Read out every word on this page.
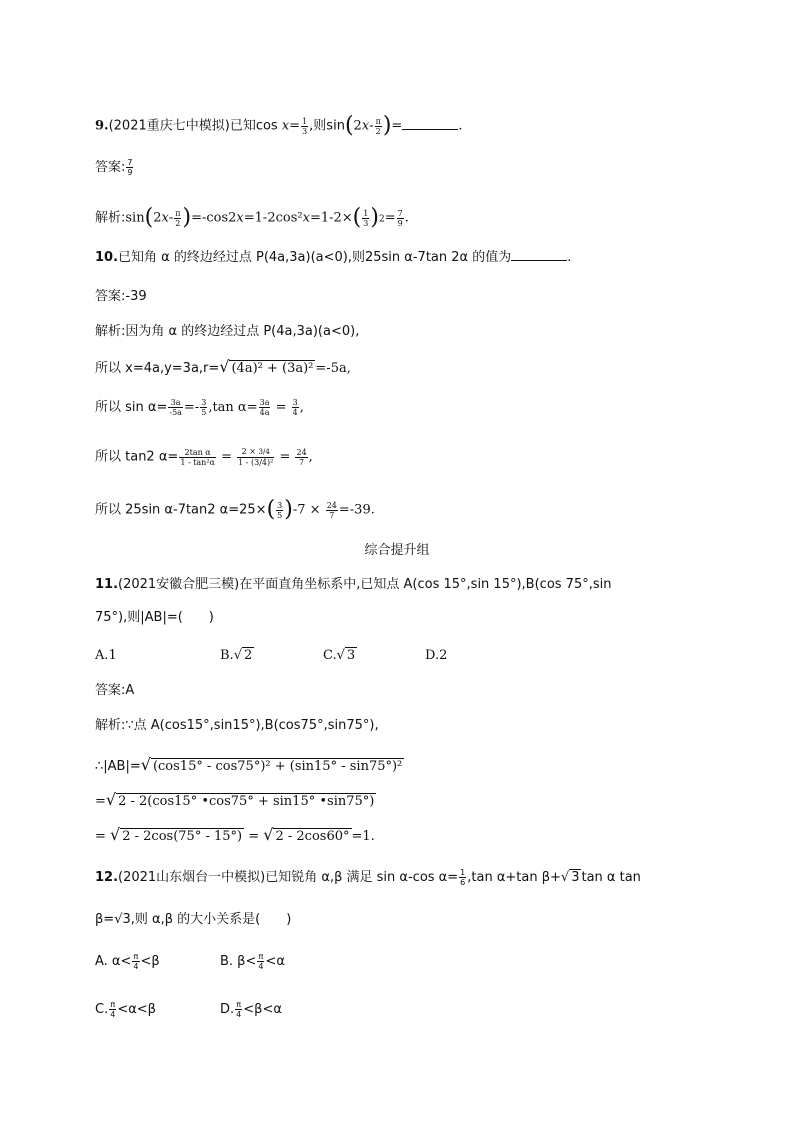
9.(2021重庆七中模拟)已知$\cos x= \frac{1}{3}$ ,则$\sin(2x- \frac{\pi}{2}$ )=	.
答案: $\frac{7}{9}$
解析:sin(2x- $\frac{\pi}{2} )=-\cos 2x=1-2\cos^2x=1-2\times( \frac{1}{3} )2= \frac{7}{9}$ .
10.已知角 α 的终边经过点 P(4a,3a)(a<0),则25sin α-7tan 2α 的值为	.
答案:-39
解析:因为角 α 的终边经过点 P(4a,3a)(a<0),
所以 x=4a,y=3a,r=√ (4a)² + (3a)² =-5a,
所以 $\sin \alpha= \frac{3a}{-5a} =- \frac{3}{5} ,\tan$ $\alpha= \frac{3a}{4a} = \frac{3}{4}$ ,
所以 tan2 $\alpha= \frac{\text{2tan α}}{\text{1 - tan²α}} = \frac{2 \times 3/4}{\text{1 - (3/4)²}} = \frac{24}{7}$ ,
所以 25sin α-7tan2 $\alpha=25\times( \frac{3}{5} )-7 \times \frac{24}{7} =-39$.
综合提升组
11.(2021安徽合肥三模)在平面直角坐标系中,已知点 A(cos 15°,sin 15°),B(cos 75°,sin
75°),则|AB|=(　　)
A.1	B.√ 2	C.√ 3	D.2
答案:A
解析:∵点 A(cos15°,sin15°),B(cos75°,sin75°),
∴|AB|=√ (cos15° - cos75°)² + (sin15° - sin75°)²
=√ 2 - 2(cos15° •cos75° + sin15° •sin75°)
= √ 2 - 2cos(75° - 15°) = √ 2 - 2cos60° =1.
12.(2021山东烟台一中模拟)已知锐角 α,β 满足 sin α-cos $\alpha= \frac{1}{6} ,\tan$ α+tan β+√ 3 tan α tan
β=√3,则 α,β 的大小关系是(　　)
A. $\alpha< \frac{\pi}{4} <\beta$	B. $\beta< \frac{\pi}{4} <\alpha$
C. $\frac{\pi}{4} <\alpha<\beta$	D. $\frac{\pi}{4} <\beta<\alpha$
